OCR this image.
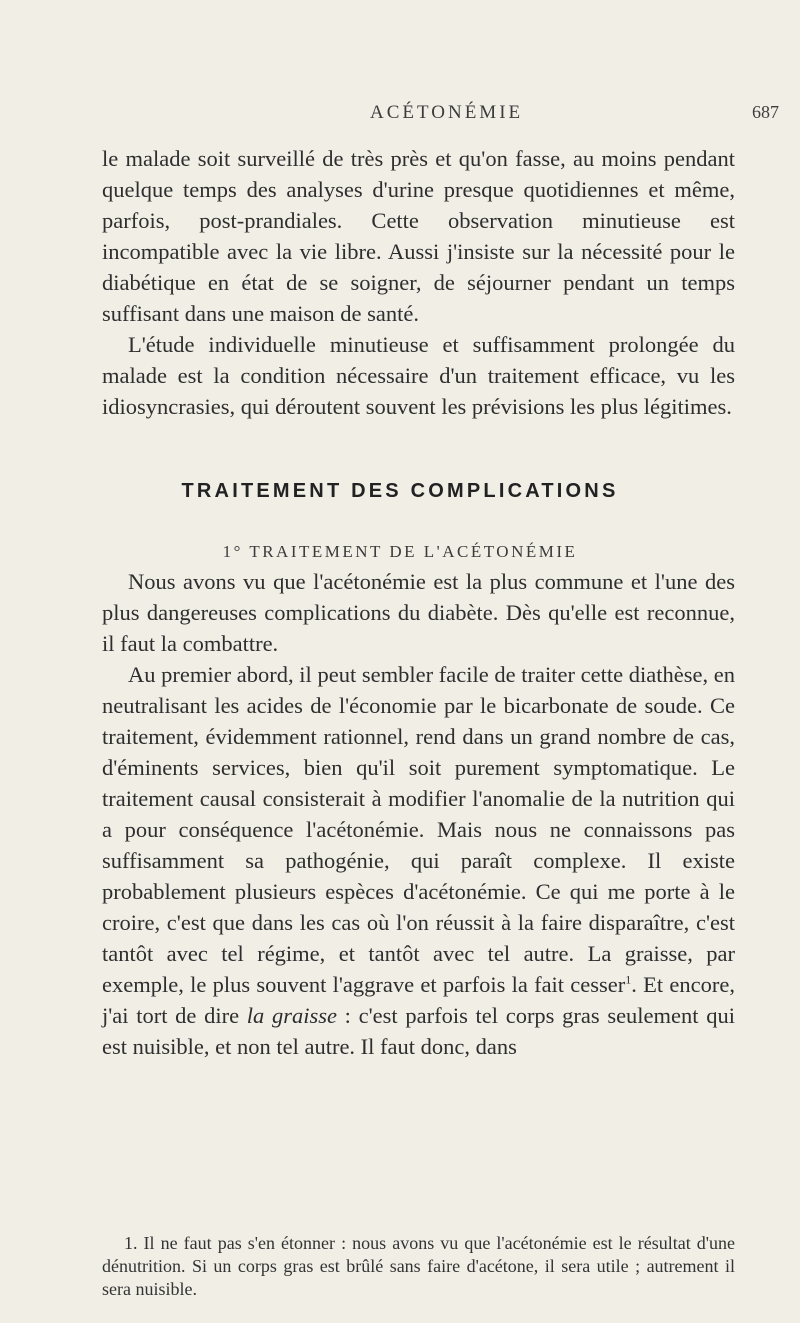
ACÉTONÉMIE	687

le malade soit surveillé de très près et qu'on fasse, au moins pendant quelque temps des analyses d'urine presque quotidiennes et même, parfois, post-prandiales. Cette observation minutieuse est incompatible avec la vie libre. Aussi j'insiste sur la nécessité pour le diabétique en état de se soigner, de séjourner pendant un temps suffisant dans une maison de santé.

L'étude individuelle minutieuse et suffisamment prolongée du malade est la condition nécessaire d'un traitement efficace, vu les idiosyncrasies, qui déroutent souvent les prévisions les plus légitimes.

TRAITEMENT DES COMPLICATIONS
1° TRAITEMENT DE L'ACÉTONÉMIE

Nous avons vu que l'acétonémie est la plus commune et l'une des plus dangereuses complications du diabète. Dès qu'elle est reconnue, il faut la combattre.

Au premier abord, il peut sembler facile de traiter cette diathèse, en neutralisant les acides de l'économie par le bicarbonate de soude. Ce traitement, évidemment rationnel, rend dans un grand nombre de cas, d'éminents services, bien qu'il soit purement symptomatique. Le traitement causal consisterait à modifier l'anomalie de la nutrition qui a pour conséquence l'acétonémie. Mais nous ne connaissons pas suffisamment sa pathogénie, qui paraît complexe. Il existe probablement plusieurs espèces d'acétonémie. Ce qui me porte à le croire, c'est que dans les cas où l'on réussit à la faire disparaître, c'est tantôt avec tel régime, et tantôt avec tel autre. La graisse, par exemple, le plus souvent l'aggrave et parfois la fait cesser$^1$. Et encore, j'ai tort de dire la graisse : c'est parfois tel corps gras seulement qui est nuisible, et non tel autre. Il faut donc, dans

1. Il ne faut pas s'en étonner : nous avons vu que l'acétonémie est le résultat d'une dénutrition. Si un corps gras est brûlé sans faire d'acétone, il sera utile ; autrement il sera nuisible.
